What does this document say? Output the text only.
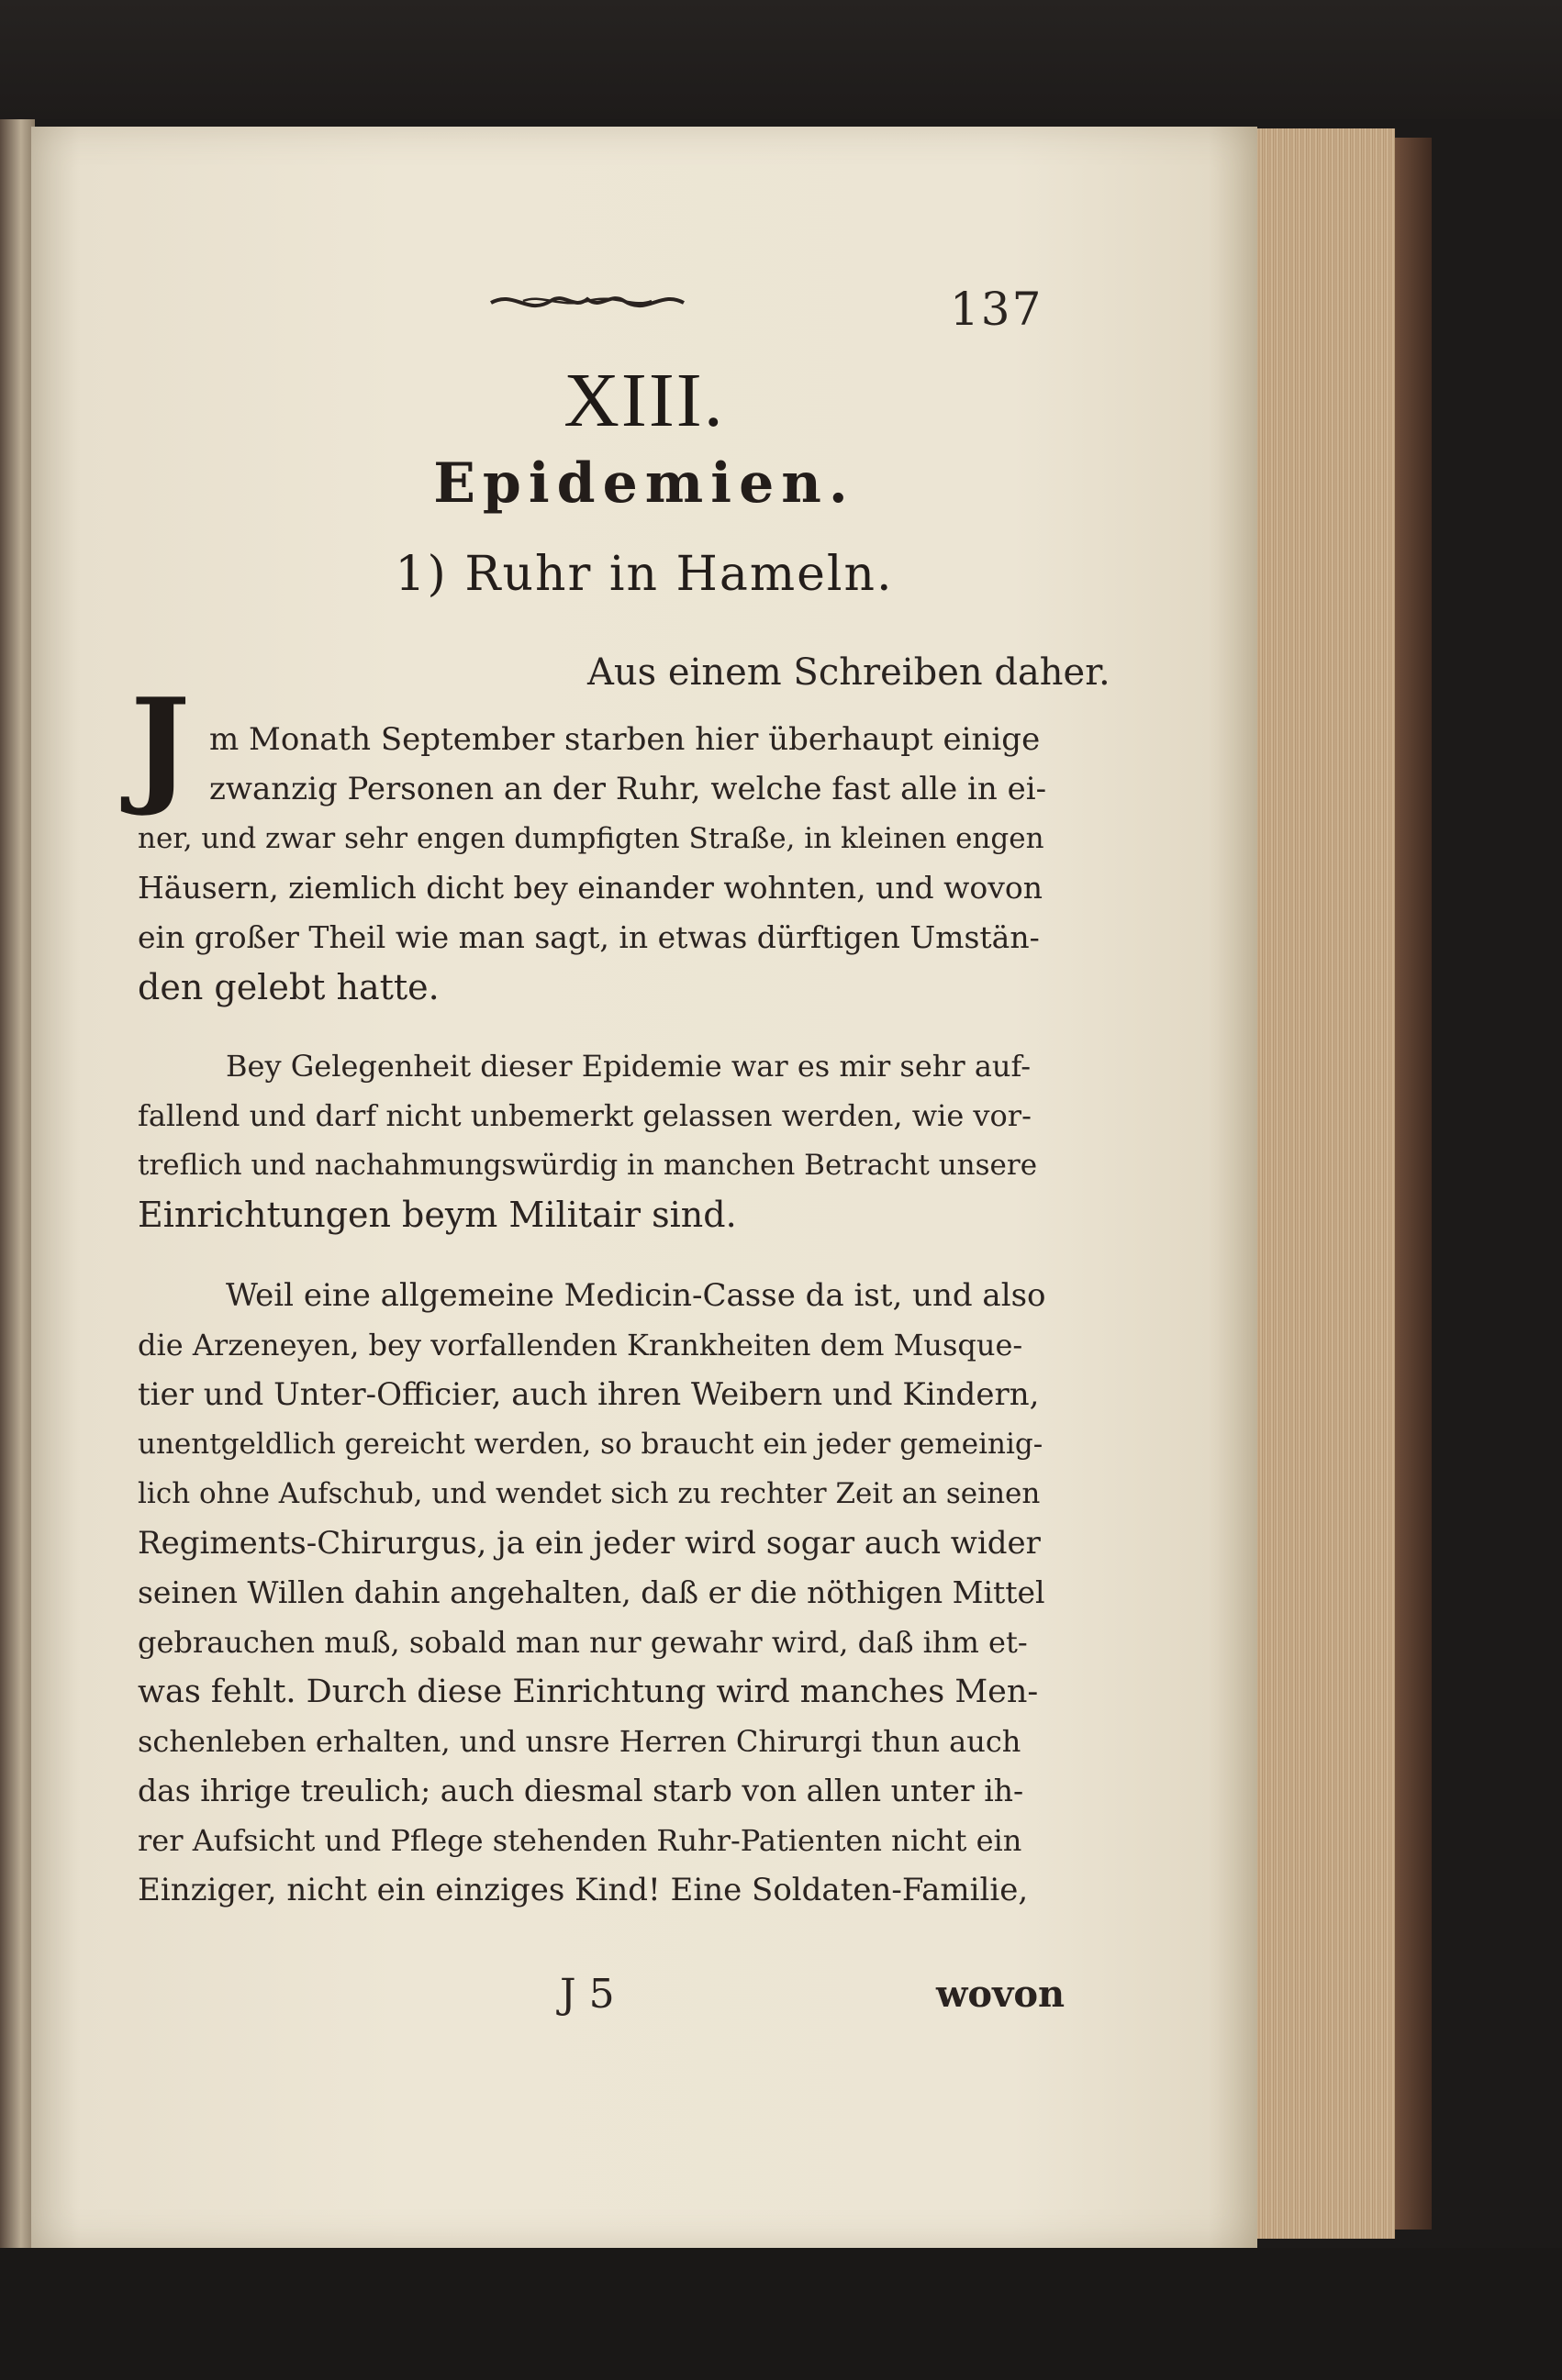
137
XIII.
Epidemien.
1) Ruhr in Hameln.
Aus einem Schreiben daher.
J m Monath September starben hier überhaupt einige
zwanzig Personen an der Ruhr, welche fast alle in ei-
ner, und zwar sehr engen dumpfigten Straße, in kleinen engen
Häusern, ziemlich dicht bey einander wohnten, und wovon
ein großer Theil wie man sagt, in etwas dürftigen Umstän-
den gelebt hatte.
Bey Gelegenheit dieser Epidemie war es mir sehr auf-
fallend und darf nicht unbemerkt gelassen werden, wie vor-
treflich und nachahmungswürdig in manchen Betracht unsere
Einrichtungen beym Militair sind.
Weil eine allgemeine Medicin-Casse da ist, und also
die Arzeneyen, bey vorfallenden Krankheiten dem Musque-
tier und Unter-Officier, auch ihren Weibern und Kindern,
unentgeldlich gereicht werden, so braucht ein jeder gemeinig-
lich ohne Aufschub, und wendet sich zu rechter Zeit an seinen
Regiments-Chirurgus, ja ein jeder wird sogar auch wider
seinen Willen dahin angehalten, daß er die nöthigen Mittel
gebrauchen muß, sobald man nur gewahr wird, daß ihm et-
was fehlt. Durch diese Einrichtung wird manches Men-
schenleben erhalten, und unsre Herren Chirurgi thun auch
das ihrige treulich; auch diesmal starb von allen unter ih-
rer Aufsicht und Pflege stehenden Ruhr-Patienten nicht ein
Einziger, nicht ein einziges Kind! Eine Soldaten-Familie,
J 5	wovon
